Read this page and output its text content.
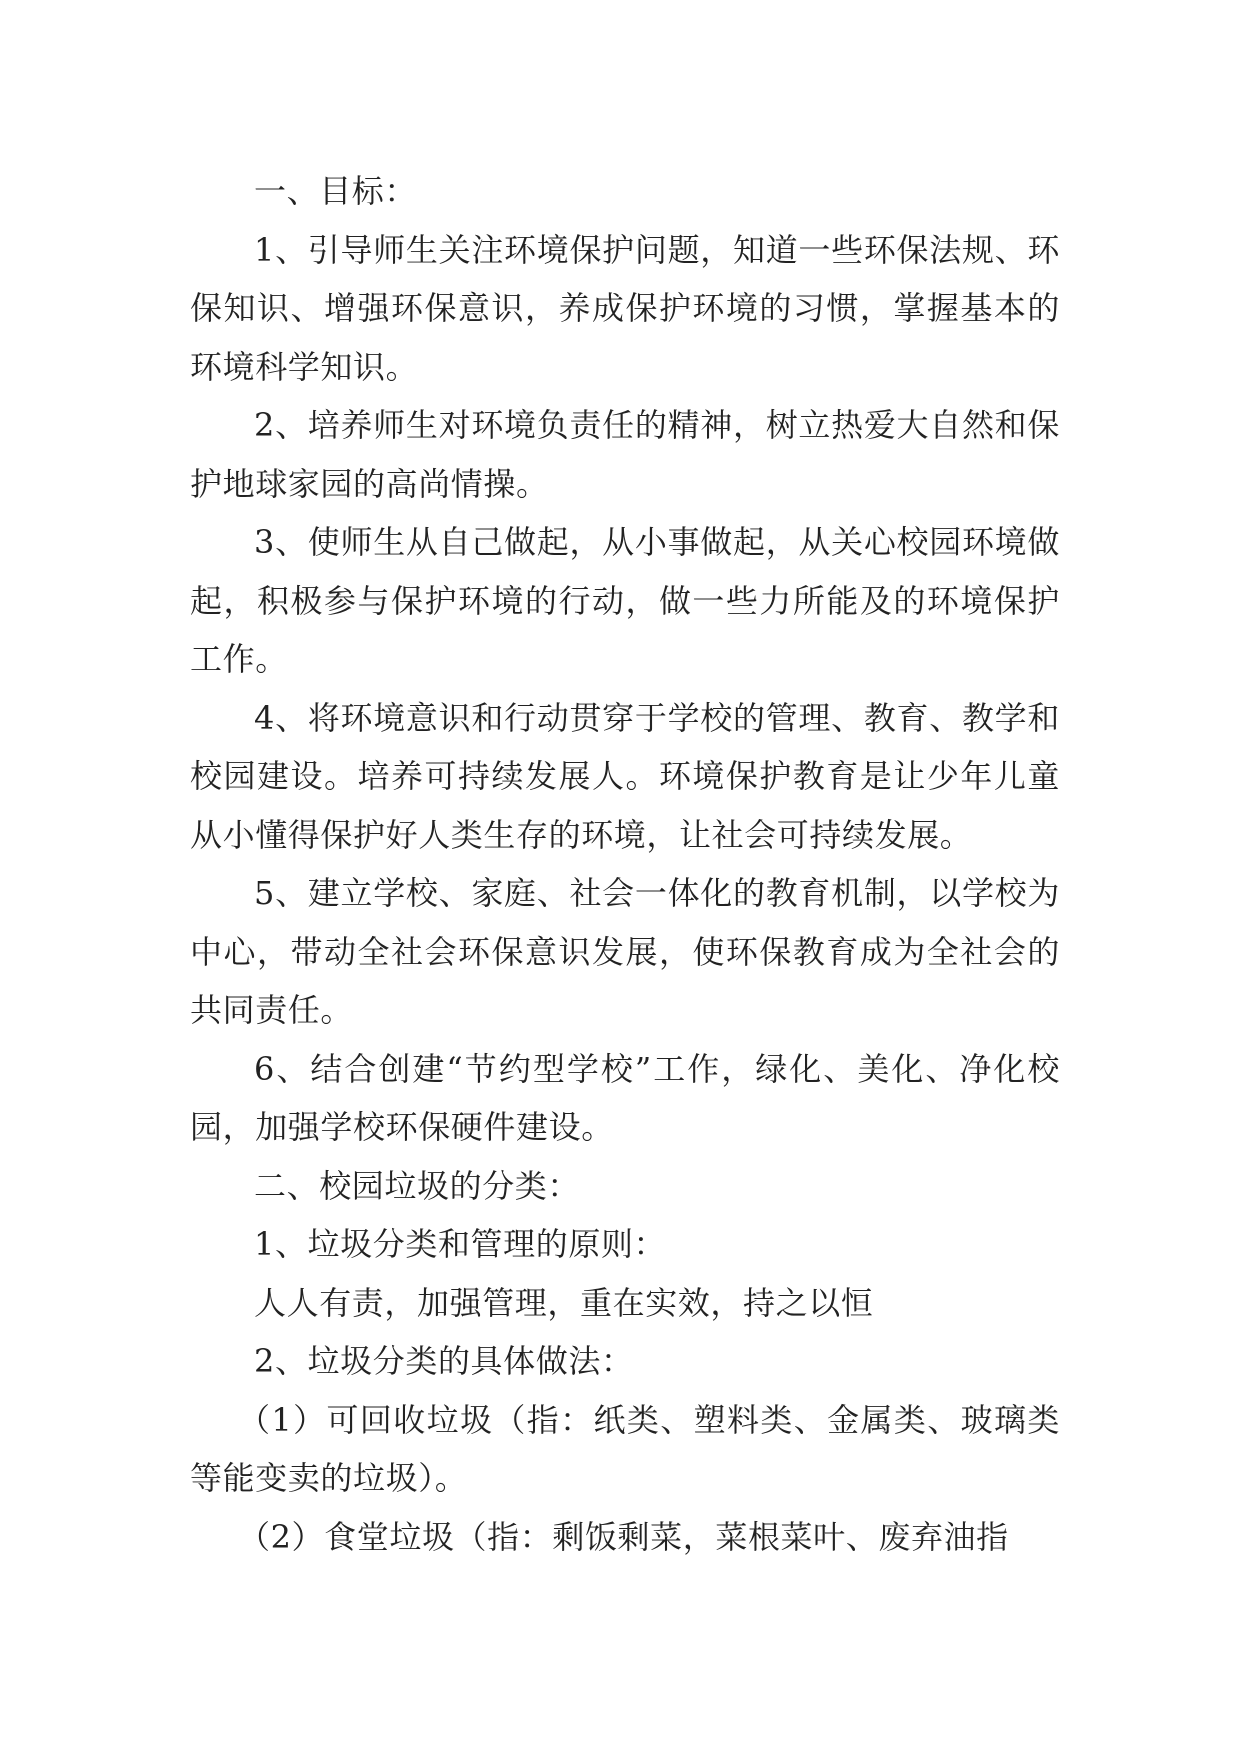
一、目标：

1、引导师生关注环境保护问题，知道一些环保法规、环保知识、增强环保意识，养成保护环境的习惯，掌握基本的环境科学知识。

2、培养师生对环境负责任的精神，树立热爱大自然和保护地球家园的高尚情操。

3、使师生从自己做起，从小事做起，从关心校园环境做起，积极参与保护环境的行动，做一些力所能及的环境保护工作。

4、将环境意识和行动贯穿于学校的管理、教育、教学和校园建设。培养可持续发展人。环境保护教育是让少年儿童从小懂得保护好人类生存的环境，让社会可持续发展。

5、建立学校、家庭、社会一体化的教育机制，以学校为中心，带动全社会环保意识发展，使环保教育成为全社会的共同责任。

6、结合创建“节约型学校”工作，绿化、美化、净化校园，加强学校环保硬件建设。

二、校园垃圾的分类：

1、垃圾分类和管理的原则：

人人有责，加强管理，重在实效，持之以恒

2、垃圾分类的具体做法：

（1）可回收垃圾（指：纸类、塑料类、金属类、玻璃类等能变卖的垃圾）。

（2）食堂垃圾（指：剩饭剩菜，菜根菜叶、废弃油指
